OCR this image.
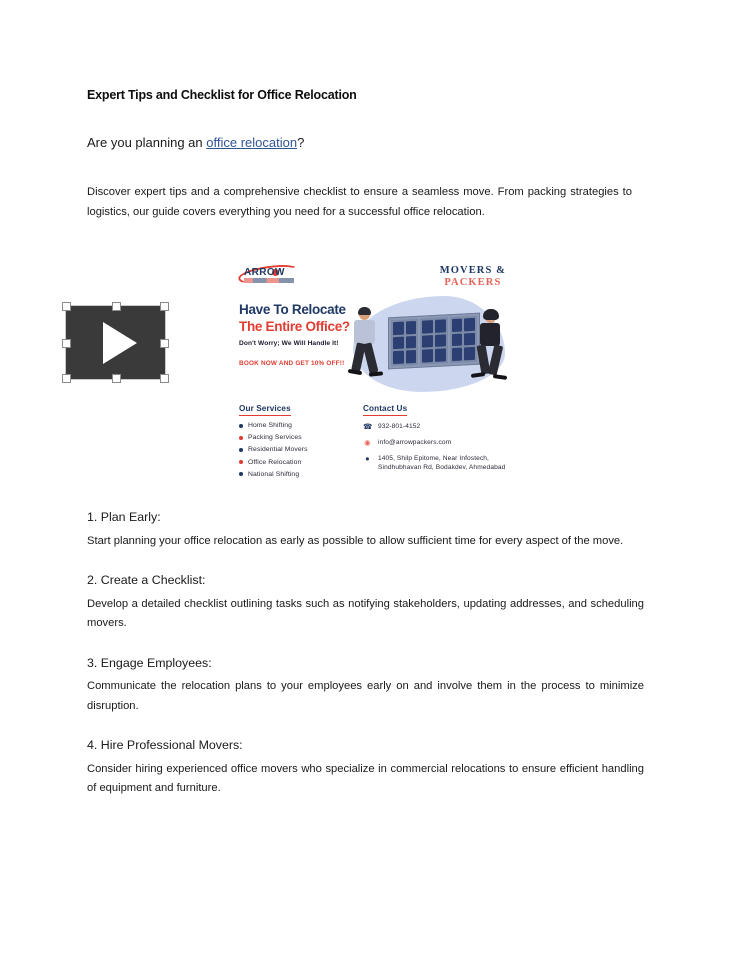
Expert Tips and Checklist for Office Relocation

Are you planning an office relocation?

Discover expert tips and a comprehensive checklist to ensure a seamless move. From packing strategies to logistics, our guide covers everything you need for a successful office relocation.

ARROW	MOVERS &
PACKERS
Have To Relocate
The Entire Office?
Don't Worry; We Will Handle It!
BOOK NOW AND GET 10% OFF!!
Our Services
Home Shifting
Packing Services
Residential Movers
Office Relocation
National Shifting
Contact Us
☎ 932-801-4152
◉ info@arrowpackers.com
●	1405, Shilp Epitome, Near Infostech, Sindhubhavan Rd, Bodakdev, Ahmedabad
1. Plan Early:

Start planning your office relocation as early as possible to allow sufficient time for every aspect of the move.

2. Create a Checklist:

Develop a detailed checklist outlining tasks such as notifying stakeholders, updating addresses, and scheduling movers.

3. Engage Employees:

Communicate the relocation plans to your employees early on and involve them in the process to minimize disruption.

4. Hire Professional Movers:

Consider hiring experienced office movers who specialize in commercial relocations to ensure efficient handling of equipment and furniture.
